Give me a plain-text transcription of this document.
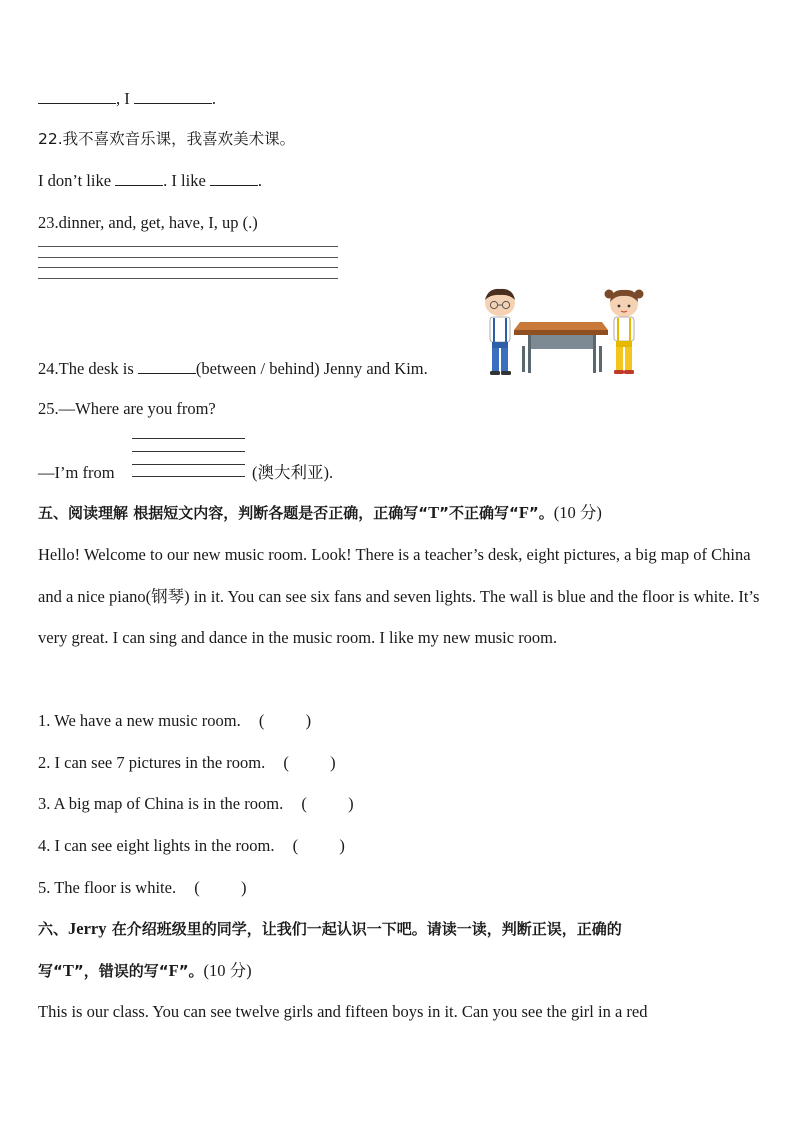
, I	.
22.我不喜欢音乐课，我喜欢美术课。
I don’t like	. I like	.
23.dinner, and, get, have, I, up (.)
24.The desk is	(between / behind) Jenny and Kim.
25.—Where are you from?
—I’m from	(澳大利亚).
五、阅读理解 根据短文内容，判断各题是否正确，正确写“T”不正确写“F”。(10 分)
Hello! Welcome to our new music room. Look! There is a teacher’s desk, eight pictures, a big map of China and a nice piano(钢琴) in it. You can see six fans and seven lights. The wall is blue and the floor is white. It’s very great. I can sing and dance in the music room. I like my new music room.
1. We have a new music room. (          )
2. I can see 7 pictures in the room. (          )
3. A big map of China is in the room. (          )
4. I can see eight lights in the room. (          )
5. The floor is white. (          )
六、Jerry 在介绍班级里的同学，让我们一起认识一下吧。请读一读，判断正误，正确的
写“T”，错误的写“F”。(10 分)
This is our class. You can see twelve girls and fifteen boys in it. Can you see the girl in a red
